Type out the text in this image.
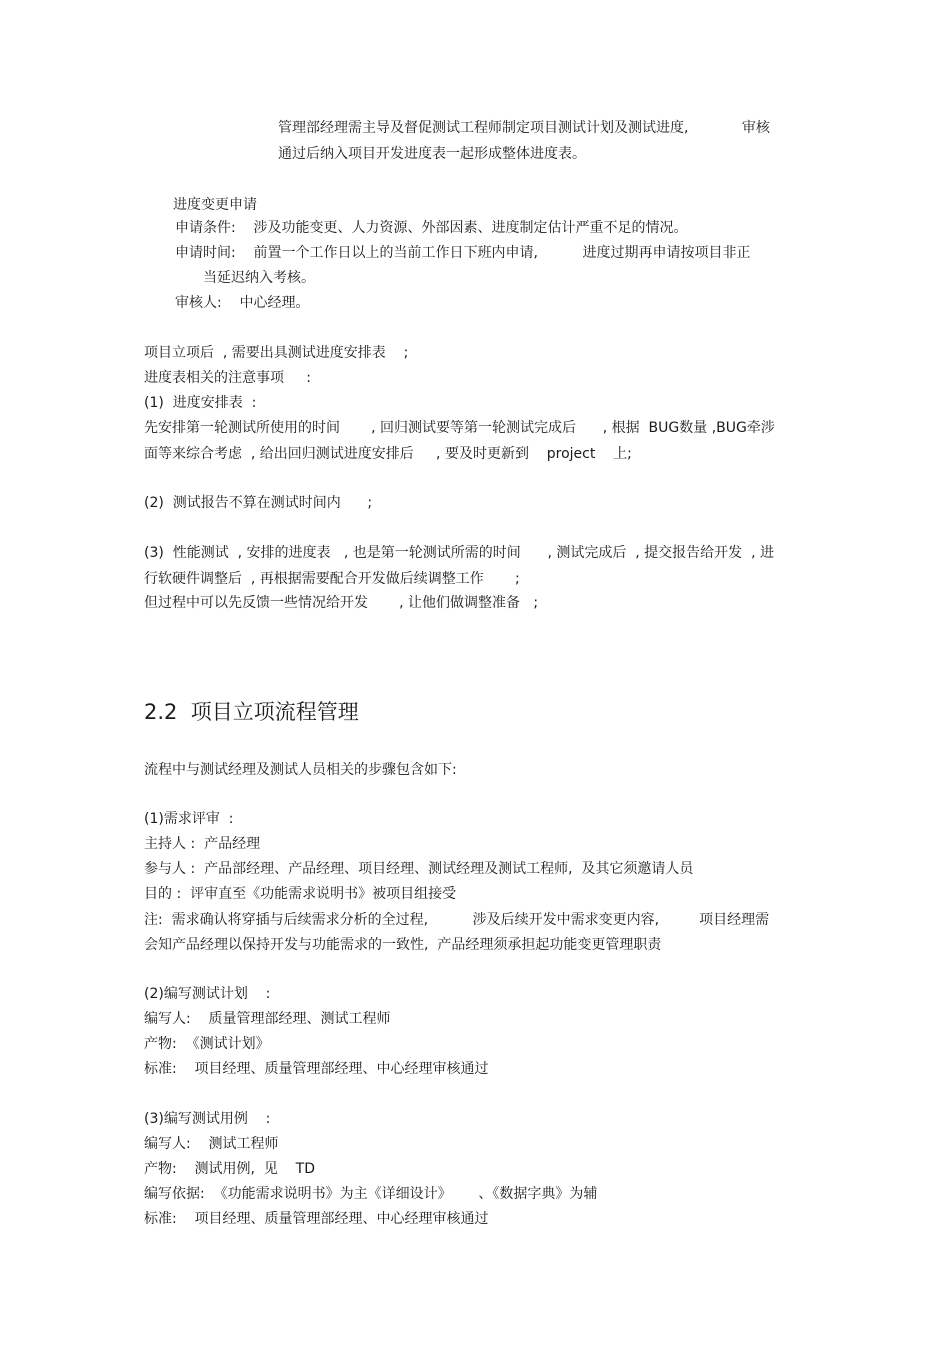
管理部经理需主导及督促测试工程师制定项目测试计划及测试进度,            审核
通过后纳入项目开发进度表一起形成整体进度表。
进度变更申请
申请条件:    涉及功能变更、人力资源、外部因素、进度制定估计严重不足的情况。
申请时间:    前置一个工作日以上的当前工作日下班内申请,          进度过期再申请按项目非正
当延迟纳入考核。
审核人:    中心经理。
项目立项后  , 需要出具测试进度安排表    ;
进度表相关的注意事项     :
(1)  进度安排表  :
先安排第一轮测试所使用的时间       , 回归测试要等第一轮测试完成后      , 根据  BUG数量 ,BUG牵涉
面等来综合考虑  , 给出回归测试进度安排后     , 要及时更新到    project    上;
(2)  测试报告不算在测试时间内      ;
(3)  性能测试  , 安排的进度表   , 也是第一轮测试所需的时间      , 测试完成后  , 提交报告给开发  , 进
行软硬件调整后  , 再根据需要配合开发做后续调整工作       ;
但过程中可以先反馈一些情况给开发       , 让他们做调整准备   ;
2.2  项目立项流程管理
流程中与测试经理及测试人员相关的步骤包含如下:
(1)需求评审  :
主持人 :  产品经理
参与人 :  产品部经理、产品经理、项目经理、测试经理及测试工程师,  及其它须邀请人员
目的 :  评审直至《功能需求说明书》被项目组接受
注:  需求确认将穿插与后续需求分析的全过程,          涉及后续开发中需求变更内容,         项目经理需
会知产品经理以保持开发与功能需求的一致性,  产品经理须承担起功能变更管理职责
(2)编写测试计划    :
编写人:    质量管理部经理、测试工程师
产物:  《测试计划》
标准:    项目经理、质量管理部经理、中心经理审核通过
(3)编写测试用例    :
编写人:    测试工程师
产物:    测试用例,  见    TD
编写依据:  《功能需求说明书》为主《详细设计》      、《数据字典》为辅
标准:    项目经理、质量管理部经理、中心经理审核通过
